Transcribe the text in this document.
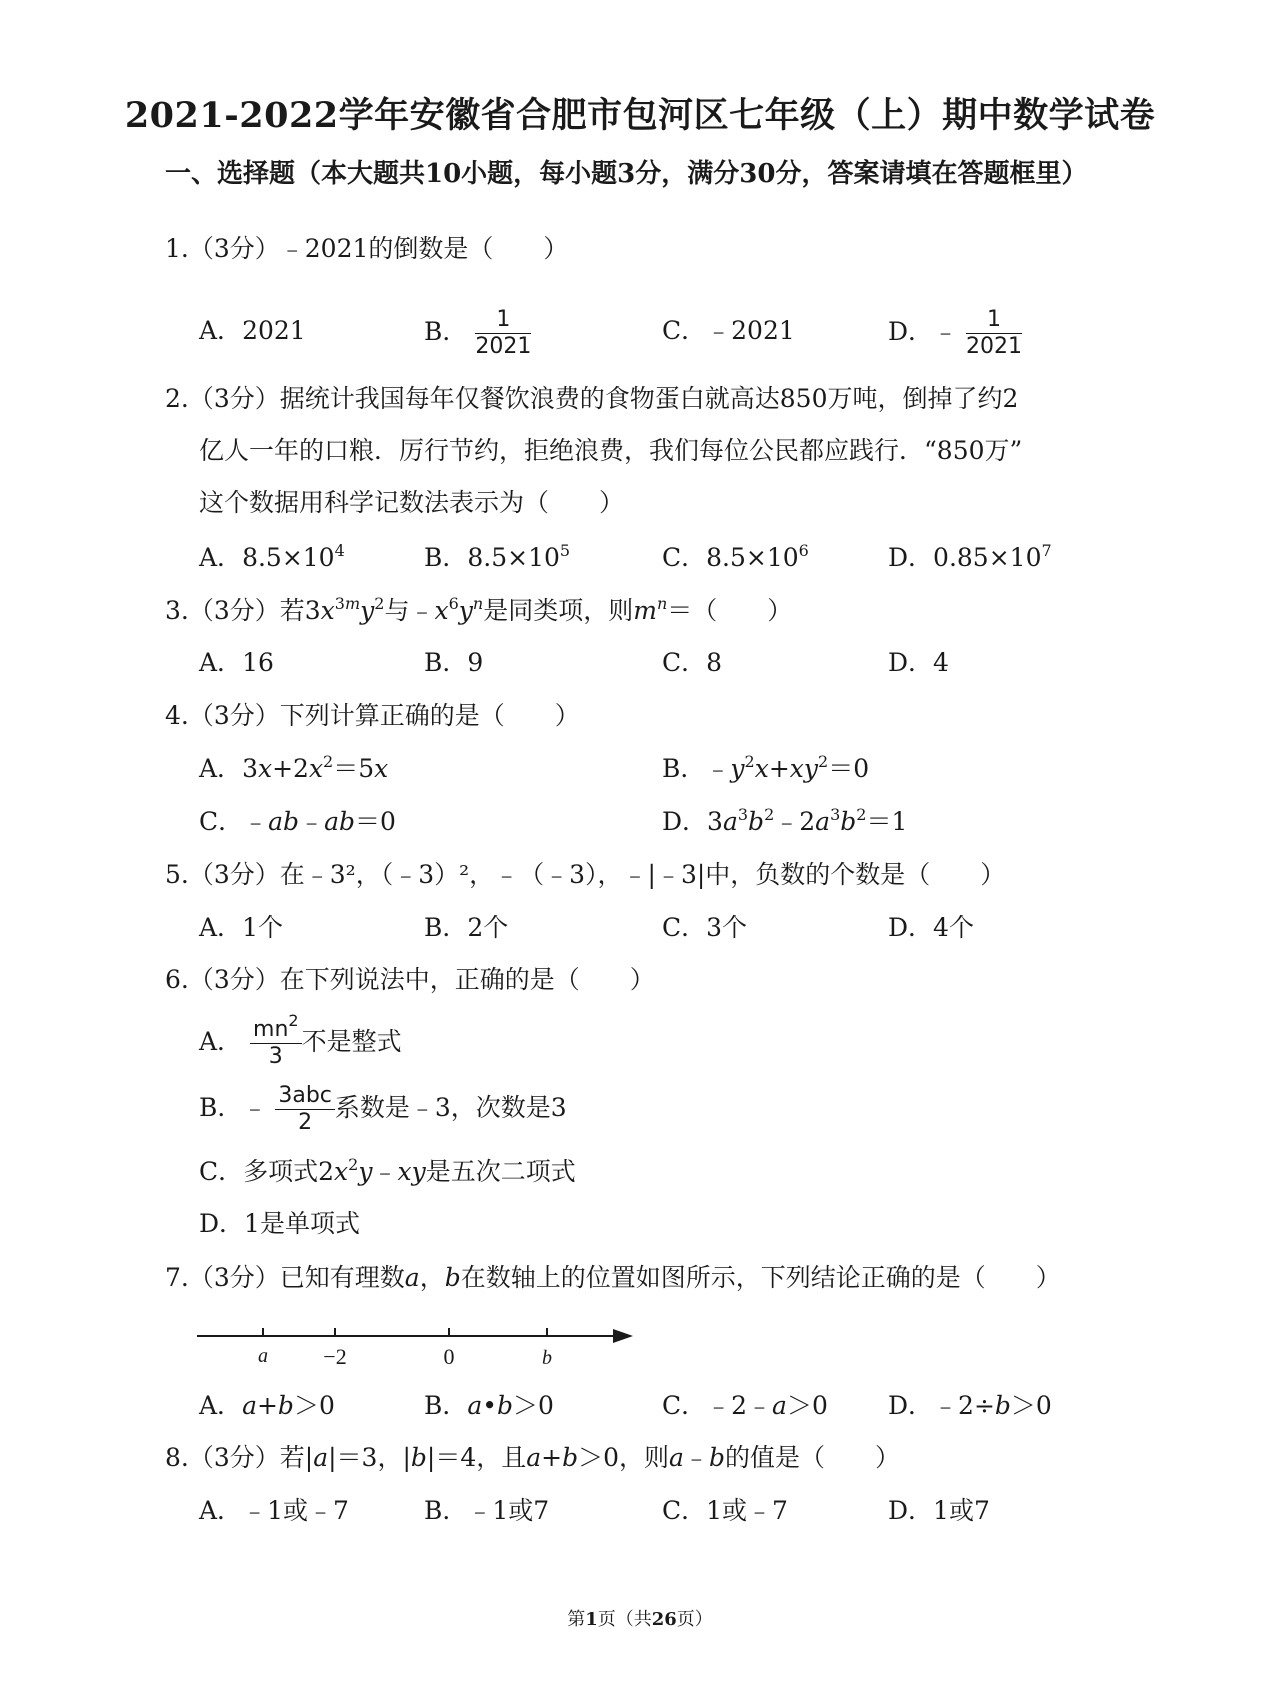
2021-2022学年安徽省合肥市包河区七年级（上）期中数学试卷
一、选择题（本大题共10小题，每小题3分，满分30分，答案请填在答题框里）
1.（3分）﹣2021的倒数是（　　）
A．2021	B． $\frac{1}{2021}$	C．﹣2021	D．﹣ $\frac{1}{2021}$
2.（3分）据统计我国每年仅餐饮浪费的食物蛋白就高达850万吨，倒掉了约2
亿人一年的口粮．厉行节约，拒绝浪费，我们每位公民都应践行．“850万”
这个数据用科学记数法表示为（　　）
A．$8.5\times 10^4$	B．$8.5\times 10^5$	C．$8.5\times 10^6$	D．$0.85\times 10^7$
3.（3分）若$3x^{3m}y^2$与$﹣x^6y^n$是同类项，则$m^n=$（　　）
A．16	B．9	C．8	D．4
4.（3分）下列计算正确的是（　　）
A．$3x+2x^2=5x$	B．$﹣y^2x+xy^2=0$
C．﹣ab﹣ab＝0	D．$3a^3b^2﹣2a^3b^2=1$
5.（3分）在﹣3²，（﹣3）²，﹣（﹣3），﹣|﹣3|中，负数的个数是（　　）
A．1个	B．2个	C．3个	D．4个
6.（3分）在下列说法中，正确的是（　　）
A． $\frac{mn^2}{3}$ 不是整式
B．﹣ $\frac{\text{3abc}}{2}$ 系数是﹣3，次数是3
C．多项式$2x^2y﹣xy$是五次二项式
D．1是单项式
7.（3分）已知有理数a，b在数轴上的位置如图所示，下列结论正确的是（　　）
a	−2	0	b
A．a+b＞0	B．a•b＞0	C．﹣2﹣a＞0 D．﹣2÷b＞0
8.（3分）若|a|＝3，|b|＝4，且a+b＞0，则a﹣b的值是（　　）
A．﹣1或﹣7	B．﹣1或7	C．1或﹣7	D．1或7
第1页（共26页）
